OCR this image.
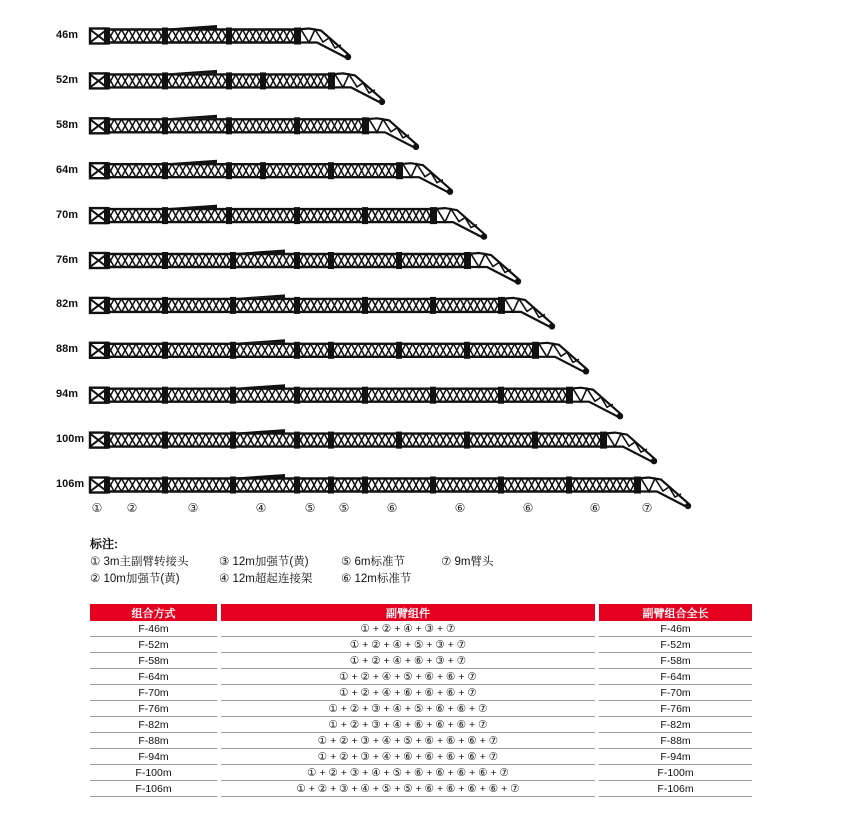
46m
52m
58m
64m
70m
76m
82m
88m
94m
100m
106m
① ②	③	④	⑤ ⑤	⑥	⑥	⑥	⑥	⑦
标注:
① 3m主副臂转接头
② 10m加强节(黄)
③ 12m加强节(黄)
④ 12m超起连接架
⑤ 6m标准节
⑥ 12m标准节
⑦ 9m臂头
组合方式		副臂组件		副臂组合全长
F-46m		① + ② + ④ + ③ + ⑦		F-46m
F-52m		① + ② + ④ + ⑤ + ③ + ⑦		F-52m
F-58m		① + ② + ④ + ⑥ + ③ + ⑦		F-58m
F-64m		① + ② + ④ + ⑤ + ⑥ + ⑥ + ⑦		F-64m
F-70m		① + ② + ④ + ⑥ + ⑥ + ⑥ + ⑦		F-70m
F-76m		① + ② + ③ + ④ + ⑤ + ⑥ + ⑥ + ⑦		F-76m
F-82m		① + ② + ③ + ④ + ⑥ + ⑥ + ⑥ + ⑦		F-82m
F-88m		① + ② + ③ + ④ + ⑤ + ⑥ + ⑥ + ⑥ + ⑦		F-88m
F-94m		① + ② + ③ + ④ + ⑥ + ⑥ + ⑥ + ⑥ + ⑦		F-94m
F-100m		① + ② + ③ + ④ + ⑤ + ⑥ + ⑥ + ⑥ + ⑥ + ⑦		F-100m
F-106m		① + ② + ③ + ④ + ⑤ + ⑤ + ⑥ + ⑥ + ⑥ + ⑥ + ⑦		F-106m
